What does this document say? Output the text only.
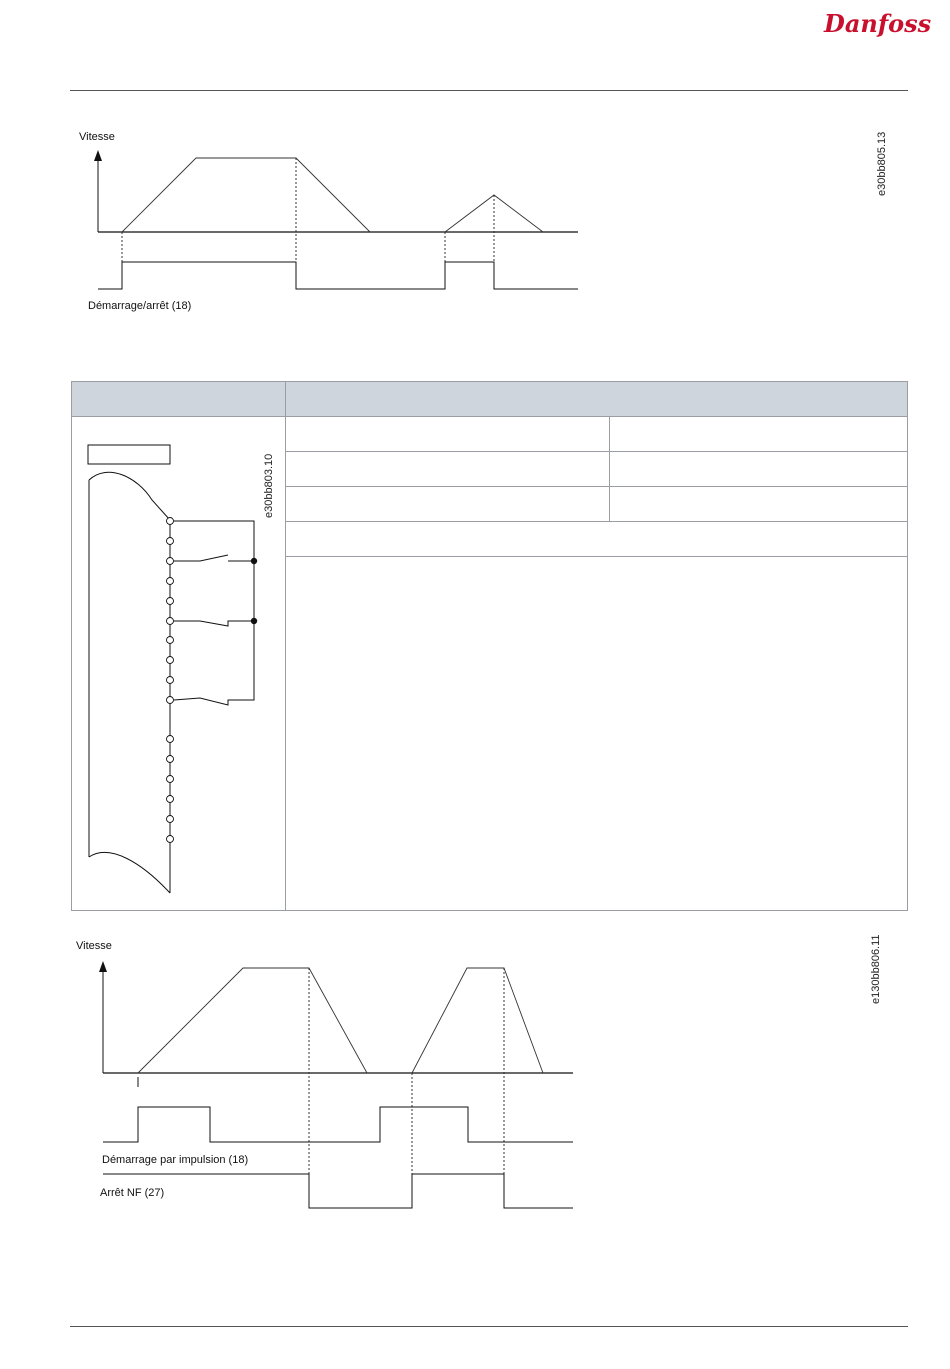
Danfoss
Vitesse
Démarrage/arrêt (18)
e30bb805.13
e30bb803.10
Vitesse
Démarrage par impulsion (18)
Arrêt NF (27)
e130bb806.11
